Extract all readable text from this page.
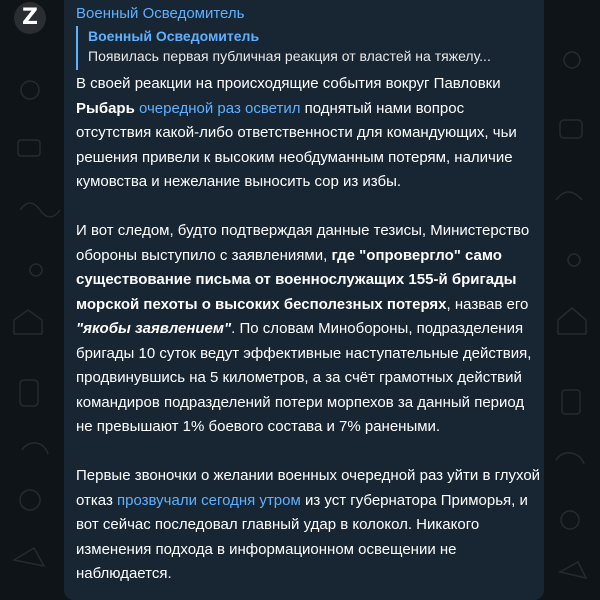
Z	Военный Осведомитель
Военный Осведомитель
Появилась первая публичная реакция от властей на тяжелу...

В своей реакции на происходящие события вокруг Павловки Рыбарь очередной раз осветил поднятый нами вопрос отсутствия какой-либо ответственности для командующих, чьи решения привели к высоким необдуманным потерям, наличие кумовства и нежелание выносить сор из избы.

И вот следом, будто подтверждая данные тезисы, Министерство обороны выступило с заявлениями, где "опровергло" само существование письма от военнослужащих 155-й бригады морской пехоты о высоких бесполезных потерях, назвав его "якобы заявлением". По словам Минобороны, подразделения бригады 10 суток ведут эффективные наступательные действия, продвинувшись на 5 километров, а за счёт грамотных действий командиров подразделений потери морпехов за данный период не превышают 1% боевого состава и 7% ранеными.

Первые звоночки о желании военных очередной раз уйти в глухой отказ прозвучали сегодня утром из уст губернатора Приморья, и вот сейчас последовал главный удар в колокол. Никакого изменения подхода в информационном освещении не наблюдается.
